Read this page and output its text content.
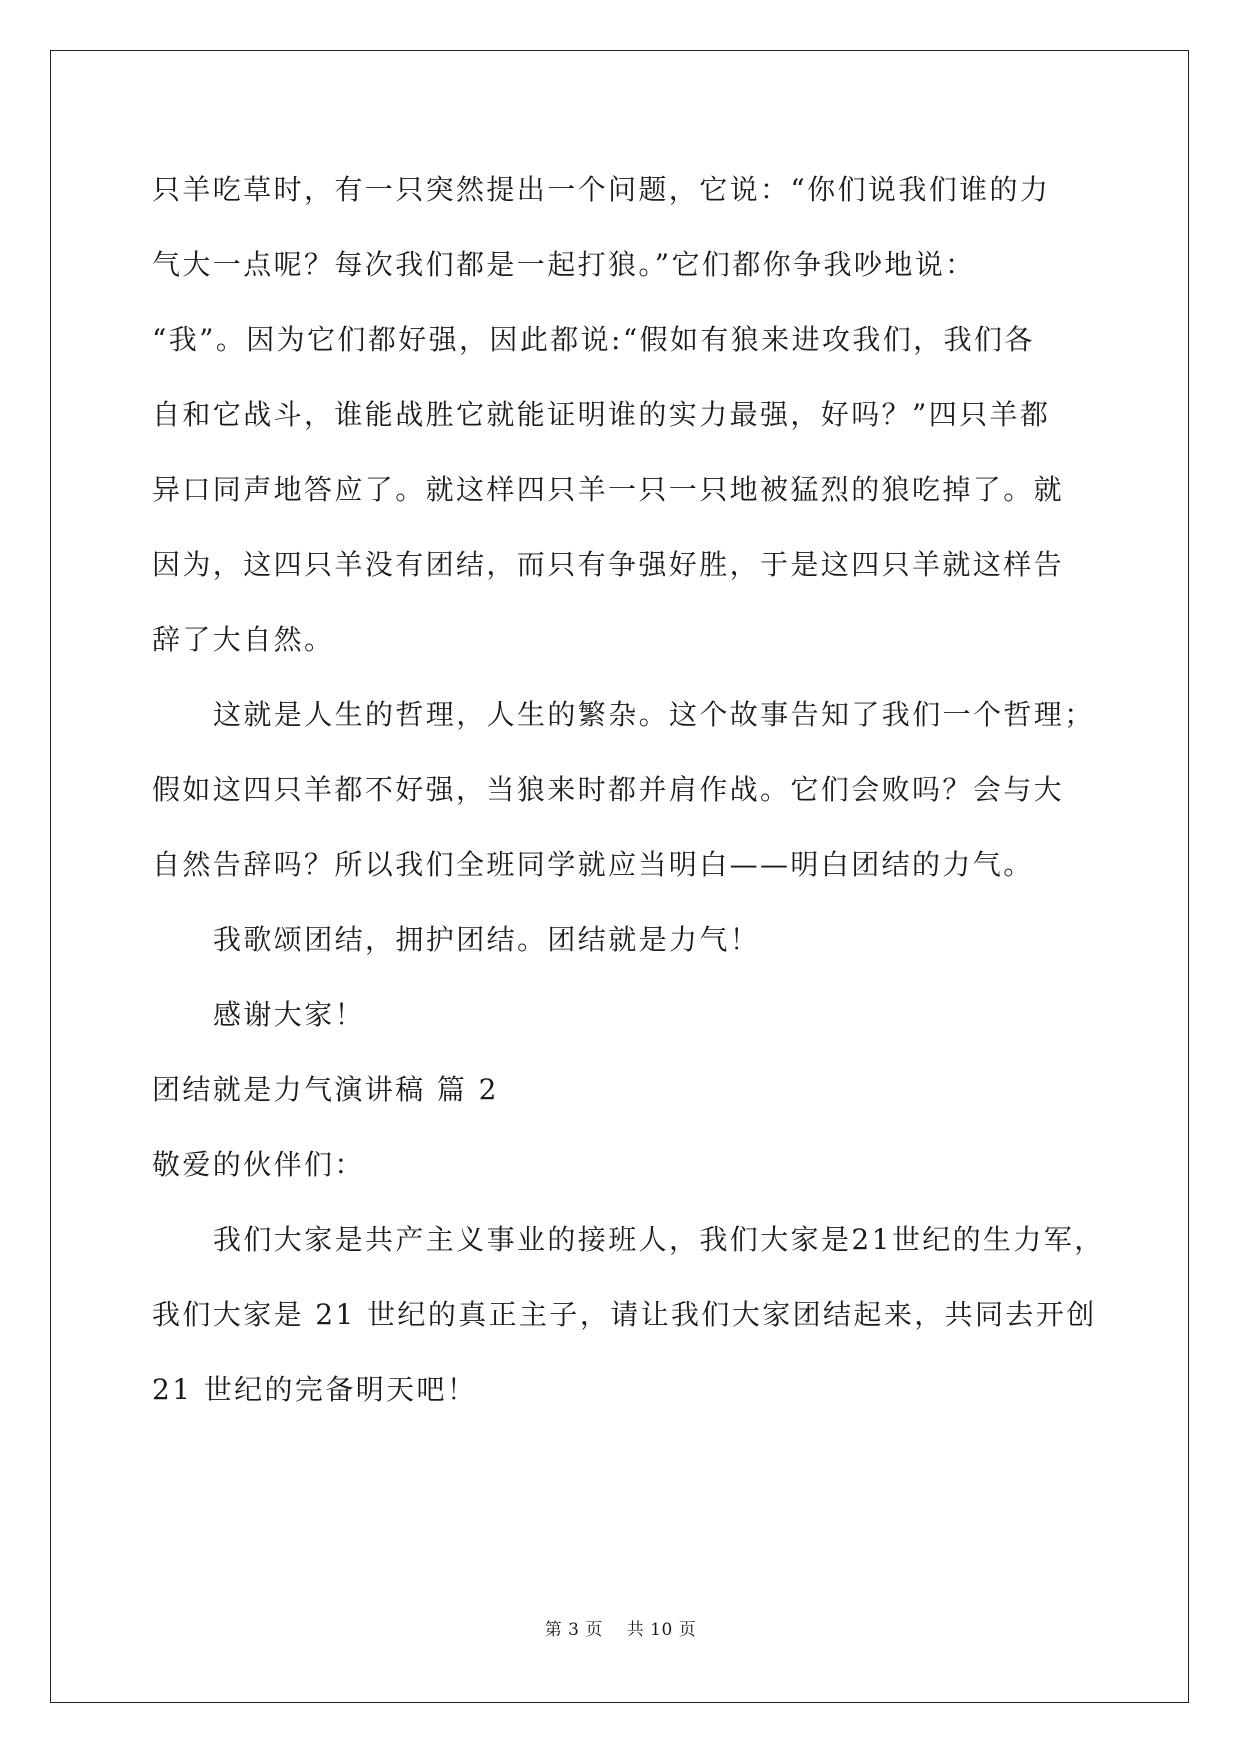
只羊吃草时，有一只突然提出一个问题，它说：“你们说我们谁的力
气大一点呢？每次我们都是一起打狼。”它们都你争我吵地说：
“我”。因为它们都好强，因此都说:“假如有狼来进攻我们，我们各
自和它战斗，谁能战胜它就能证明谁的实力最强，好吗？”四只羊都
异口同声地答应了。就这样四只羊一只一只地被猛烈的狼吃掉了。就
因为，这四只羊没有团结，而只有争强好胜，于是这四只羊就这样告
辞了大自然。
这就是人生的哲理，人生的繁杂。这个故事告知了我们一个哲理；
假如这四只羊都不好强，当狼来时都并肩作战。它们会败吗？会与大
自然告辞吗？所以我们全班同学就应当明白——明白团结的力气。
我歌颂团结，拥护团结。团结就是力气！
感谢大家！
团结就是力气演讲稿 篇 2
敬爱的伙伴们：
我们大家是共产主义事业的接班人，我们大家是21世纪的生力军，
我们大家是 21 世纪的真正主子，请让我们大家团结起来，共同去开创
21 世纪的完备明天吧！
第 3 页 共 10 页
